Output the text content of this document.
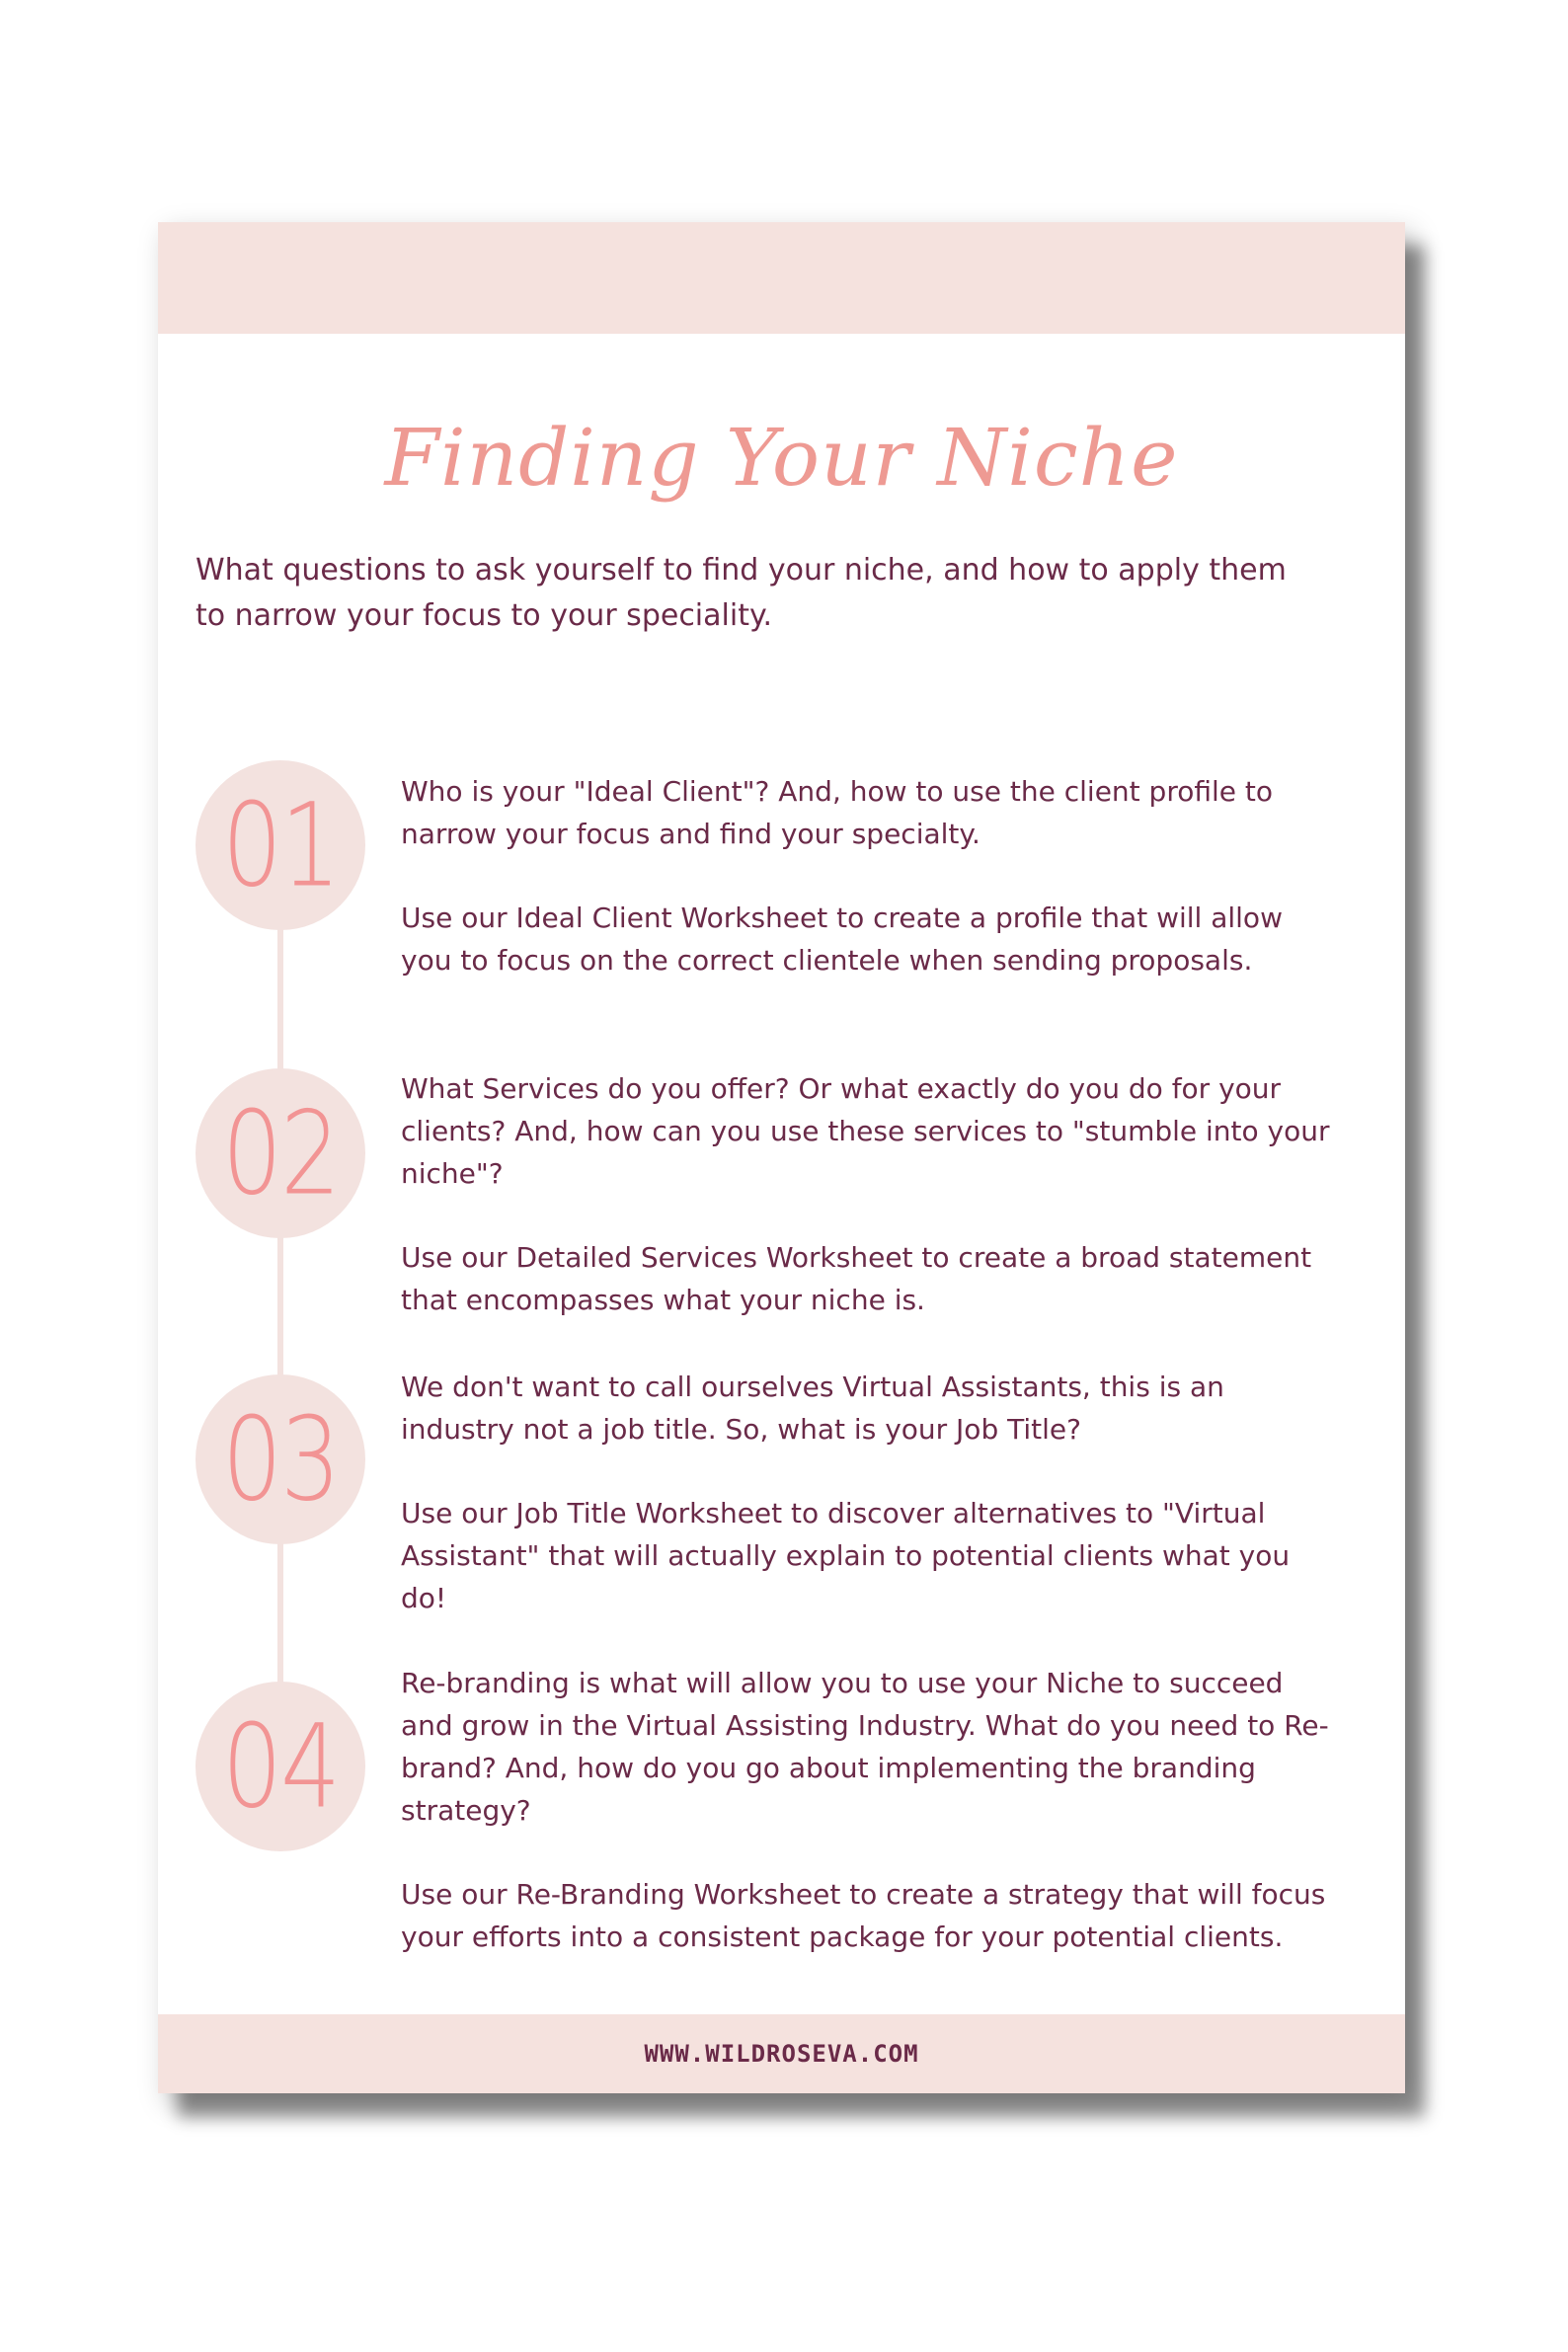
Finding Your Niche
What questions to ask yourself to find your niche, and how to apply them to narrow your focus to your speciality.
01 Who is your "Ideal Client"? And, how to use the client profile to narrow your focus and find your specialty.

Use our Ideal Client Worksheet to create a profile that will allow you to focus on the correct clientele when sending proposals.

02 What Services do you offer? Or what exactly do you do for your clients? And, how can you use these services to "stumble into your niche"?

Use our Detailed Services Worksheet to create a broad statement that encompasses what your niche is.

03

We don't want to call ourselves Virtual Assistants, this is an industry not a job title. So, what is your Job Title?

Use our Job Title Worksheet to discover alternatives to "Virtual Assistant" that will actually explain to potential clients what you do!

04

Re-branding is what will allow you to use your Niche to succeed and grow in the Virtual Assisting Industry. What do you need to Re-brand? And, how do you go about implementing the branding strategy?

Use our Re-Branding Worksheet to create a strategy that will focus your efforts into a consistent package for your potential clients.

WWW.WILDROSEVA.COM
